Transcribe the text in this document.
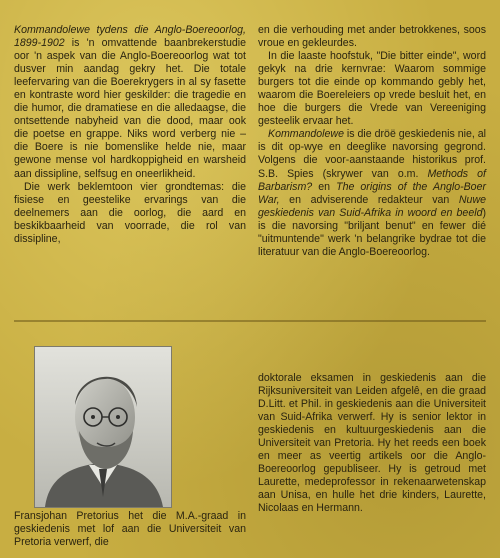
Kommandolewe tydens die Anglo-Boereoorlog, 1899-1902 is 'n omvattende baanbrekerstudie oor 'n aspek van die Anglo-Boereoorlog wat tot dusver min aandag gekry het. Die totale leefervaring van die Boerekrygers in al sy fasette en kontraste word hier geskilder: die tragedie en die humor, die dramatiese en die alledaagse, die ontsettende nabyheid van die dood, maar ook die poetse en grappe. Niks word verberg nie – die Boere is nie bomenslike helde nie, maar gewone mense vol hardkoppigheid en warsheid aan dissipline, selfsug en oneerlikheid.

Die werk beklemtoon vier grondtemas: die fisiese en geestelike ervarings van die deelnemers aan die oorlog, die aard en beskikbaarheid van voorrade, die rol van dissipline,

en die verhouding met ander betrokkenes, soos vroue en gekleurdes.

In die laaste hoofstuk, "Die bitter einde", word gekyk na drie kernvrae: Waarom sommige burgers tot die einde op kommando gebly het, waarom die Boereleiers op vrede besluit het, en hoe die burgers die Vrede van Vereeniging gesteelik ervaar het.

Kommandolewe is die dröë geskiedenis nie, al is dit op-wye en deeglike navorsing gegrond. Volgens die voor-aanstaande historikus prof. S.B. Spies (skrywer van o.m. Methods of Barbarism? en The origins of the Anglo-Boer War, en adviserende redakteur van Nuwe geskiedenis van Suid-Afrika in woord en beeld) is die navorsing "briljant benut" en fewer dié "uitmuntende" werk 'n belangrike bydrae tot die literatuur van die Anglo-Boereoorlog.

Fransjohan Pretorius het die M.A.-graad in geskiedenis met lof aan die Universiteit van Pretoria verwerf, die

doktorale eksamen in geskiedenis aan die Rijksuniversiteit van Leiden afgelê, en die graad D.Litt. et Phil. in geskiedenis aan die Universiteit van Suid-Afrika verwerf. Hy is senior lektor in geskiedenis en kultuurgeskiedenis aan die Universiteit van Pretoria. Hy het reeds een boek en meer as veertig artikels oor die Anglo-Boereoorlog gepubliseer. Hy is getroud met Laurette, medeprofessor in rekenaarwetenskap aan Unisa, en hulle het drie kinders, Laurette, Nicolaas en Hermann.
